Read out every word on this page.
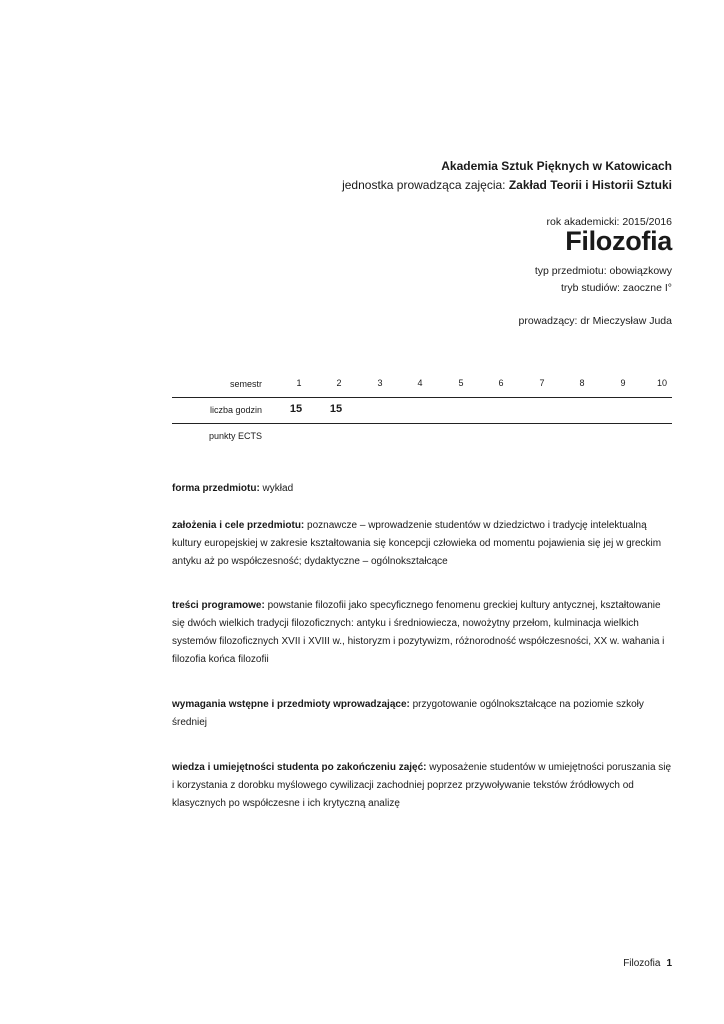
Akademia Sztuk Pięknych w Katowicach
jednostka prowadząca zajęcia: Zakład Teorii i Historii Sztuki
rok akademicki: 2015/2016
Filozofia
typ przedmiotu: obowiązkowy
tryb studiów: zaoczne I°
prowadzący: dr Mieczysław Juda
semestr	1	2	3	4	5	6	7	8	9	10
liczba godzin	15	15
punkty ECTS
forma przedmiotu: wykład
założenia i cele przedmiotu: poznawcze – wprowadzenie studentów w dziedzictwo i tradycję intelektualną kultury europejskiej w zakresie kształtowania się koncepcji człowieka od momentu pojawienia się jej w greckim antyku aż po współczesność; dydaktyczne – ogólnokształcące
treści programowe: powstanie filozofii jako specyficznego fenomenu greckiej kultury antycznej, kształtowanie się dwóch wielkich tradycji filozoficznych: antyku i średniowiecza, nowożytny przełom, kulminacja wielkich systemów filozoficznych XVII i XVIII w., historyzm i pozytywizm, różnorodność współczesności, XX w. wahania i filozofia końca filozofii
wymagania wstępne i przedmioty wprowadzające: przygotowanie ogólnokształcące na poziomie szkoły średniej
wiedza i umiejętności studenta po zakończeniu zajęć: wyposażenie studentów w umiejętności poruszania się i korzystania z dorobku myślowego cywilizacji zachodniej poprzez przywoływanie tekstów źródłowych od klasycznych po współczesne i ich krytyczną analizę
Filozofia 1
